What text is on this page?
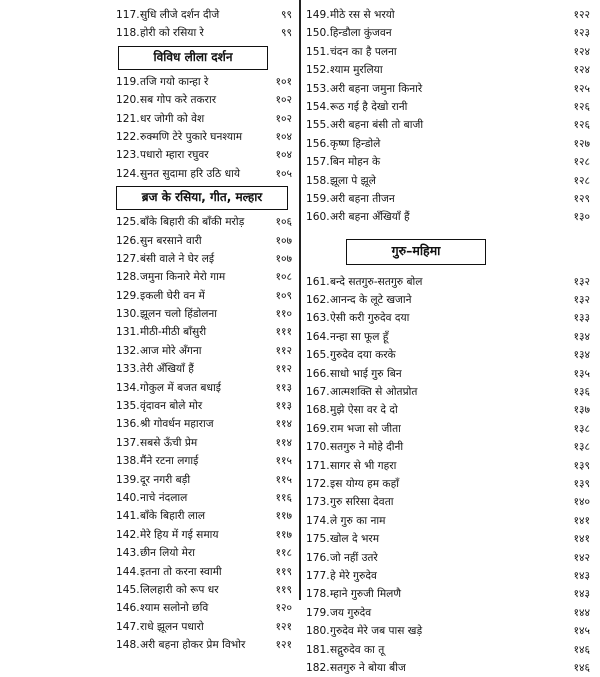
117. सुधि लीजे दर्शन दीजे	९९
118. होरी को रसिया रे	९९
विविध लीला दर्शन
119. तजि गयो कान्हा रे	१०१
120. सब गोप करे तकरार	१०२
121. धर जोगी को वेश	१०२
122. रुक्मणि टेरे पुकारे घनश्याम	१०४
123. पधारो म्हारा रघुवर	१०४
124. सुनत सुदामा हरि उठि धाये	१०५
ब्रज के रसिया, गीत, मल्हार
125. बाँके बिहारी की बाँकी मरोड़	१०६
126. सुन बरसाने वारी	१०७
127. बंसी वाले ने घेर लई	१०७
128. जमुना किनारे मेरो गाम	१०८
129. इकली घेरी वन में	१०९
130. झूलन चलो हिंडोलना	११०
131. मीठी-मीठी बाँसुरी	१११
132. आज मोरे अँगना	११२
133. तेरी अँखियाँ हैं	११२
134. गोकुल में बजत बधाई	११३
135. वृंदावन बोले मोर	११३
136. श्री गोवर्धन महाराज	११४
137. सबसे ऊँची प्रेम	११४
138. मैंने रटना लगाई	११५
139. दूर नगरी बड़ी	११५
140. नाचे नंदलाल	११६
141. बाँके बिहारी लाल	११७
142. मेरे हिय में गई समाय	११७
143. छीन लियो मेरा	११८
144. इतना तो करना स्वामी	११९
145. लिलहारी को रूप धर	११९
146. श्याम सलोनो छवि	१२०
147. राधे झूलन पधारो	१२१
148. अरी बहना होकर प्रेम विभोर	१२१
149. मीठे रस से भरयो	१२२
150. हिन्डौला कुंजवन	१२३
151. चंदन का है पलना	१२४
152. श्याम मुरलिया	१२४
153. अरी बहना जमुना किनारे	१२५
154. रूठ गई है देखो रानी	१२६
155. अरी बहना बंसी तो बाजी	१२६
156. कृष्ण हिन्डोले	१२७
157. बिन मोहन के	१२८
158. झूला पे झूले	१२८
159. अरी बहना तीजन	१२९
160. अरी बहना अँखियाँ हैं	१३०
गुरु–महिमा
161. बन्दे सतगुरु-सतगुरु बोल	१३२
162. आनन्द के लूटे खजाने	१३२
163. ऐसी करी गुरुदेव दया	१३३
164. नन्हा सा फूल हूँ	१३४
165. गुरुदेव दया करके	१३४
166. साधो भाई गुरु बिन	१३५
167. आत्मशक्ति से ओतप्रोत	१३६
168. मुझे ऐसा वर दे दो	१३७
169. राम भजा सो जीता	१३८
170. सतगुरु ने मोहे दीनी	१३८
171. सागर से भी गहरा	१३९
172. इस योग्य हम कहाँ	१३९
173. गुरु सरिसा देवता	१४०
174. ले गुरु का नाम	१४१
175. खोल दे भरम	१४१
176. जो नहीं उतरे	१४२
177. हे मेरे गुरुदेव	१४३
178. म्हाने गुरुजी मिलणै	१४३
179. जय गुरुदेव	१४४
180. गुरुदेव मेरे जब पास खड़े	१४५
181. सद्गुरुदेव का तू	१४६
182. सतगुरु ने बोया बीज	१४६
